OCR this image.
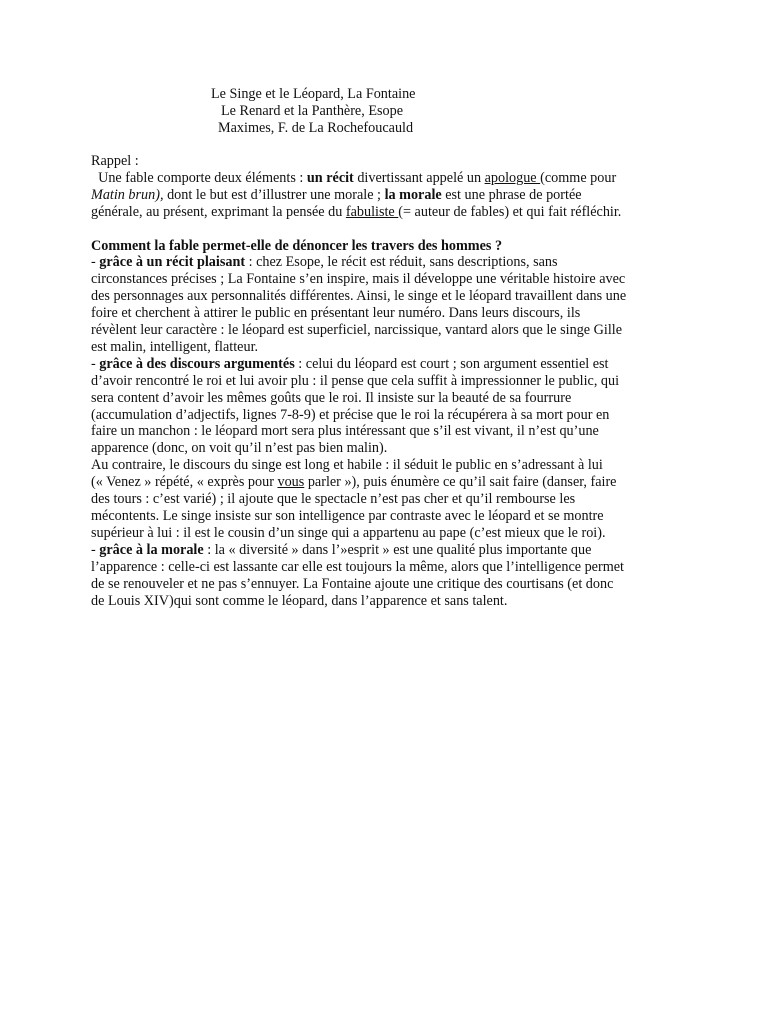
Le Singe et le Léopard, La Fontaine
Le Renard et la Panthère, Esope
Maximes, F. de La Rochefoucauld

Rappel :
Une fable comporte deux éléments : un récit divertissant appelé un apologue (comme pour
Matin brun), dont le but est d’illustrer une morale ; la morale est une phrase de portée
générale, au présent, exprimant la pensée du fabuliste (= auteur de fables) et qui fait réfléchir.

Comment la fable permet-elle de dénoncer les travers des hommes ?
- grâce à un récit plaisant : chez Esope, le récit est réduit, sans descriptions, sans
circonstances précises ; La Fontaine s’en inspire, mais il développe une véritable histoire avec
des personnages aux personnalités différentes. Ainsi, le singe et le léopard travaillent dans une
foire et cherchent à attirer le public en présentant leur numéro. Dans leurs discours, ils
révèlent leur caractère : le léopard est superficiel, narcissique, vantard alors que le singe Gille
est malin, intelligent, flatteur.
- grâce à des discours argumentés : celui du léopard est court ; son argument essentiel est
d’avoir rencontré le roi et lui avoir plu : il pense que cela suffit à impressionner le public, qui
sera content d’avoir les mêmes goûts que le roi. Il insiste sur la beauté de sa fourrure
(accumulation d’adjectifs, lignes 7-8-9) et précise que le roi la récupérera à sa mort pour en
faire un manchon : le léopard mort sera plus intéressant que s’il est vivant, il n’est qu’une
apparence (donc, on voit qu’il n’est pas bien malin).
Au contraire, le discours du singe est long et habile : il séduit le public en s’adressant à lui
(« Venez » répété, « exprès pour vous parler »), puis énumère ce qu’il sait faire (danser, faire
des tours : c’est varié) ; il ajoute que le spectacle n’est pas cher et qu’il rembourse les
mécontents. Le singe insiste sur son intelligence par contraste avec le léopard et se montre
supérieur à lui : il est le cousin d’un singe qui a appartenu au pape (c’est mieux que le roi).
- grâce à la morale : la « diversité » dans l’»esprit » est une qualité plus importante que
l’apparence : celle-ci est lassante car elle est toujours la même, alors que l’intelligence permet
de se renouveler et ne pas s’ennuyer. La Fontaine ajoute une critique des courtisans (et donc
de Louis XIV)qui sont comme le léopard, dans l’apparence et sans talent.
